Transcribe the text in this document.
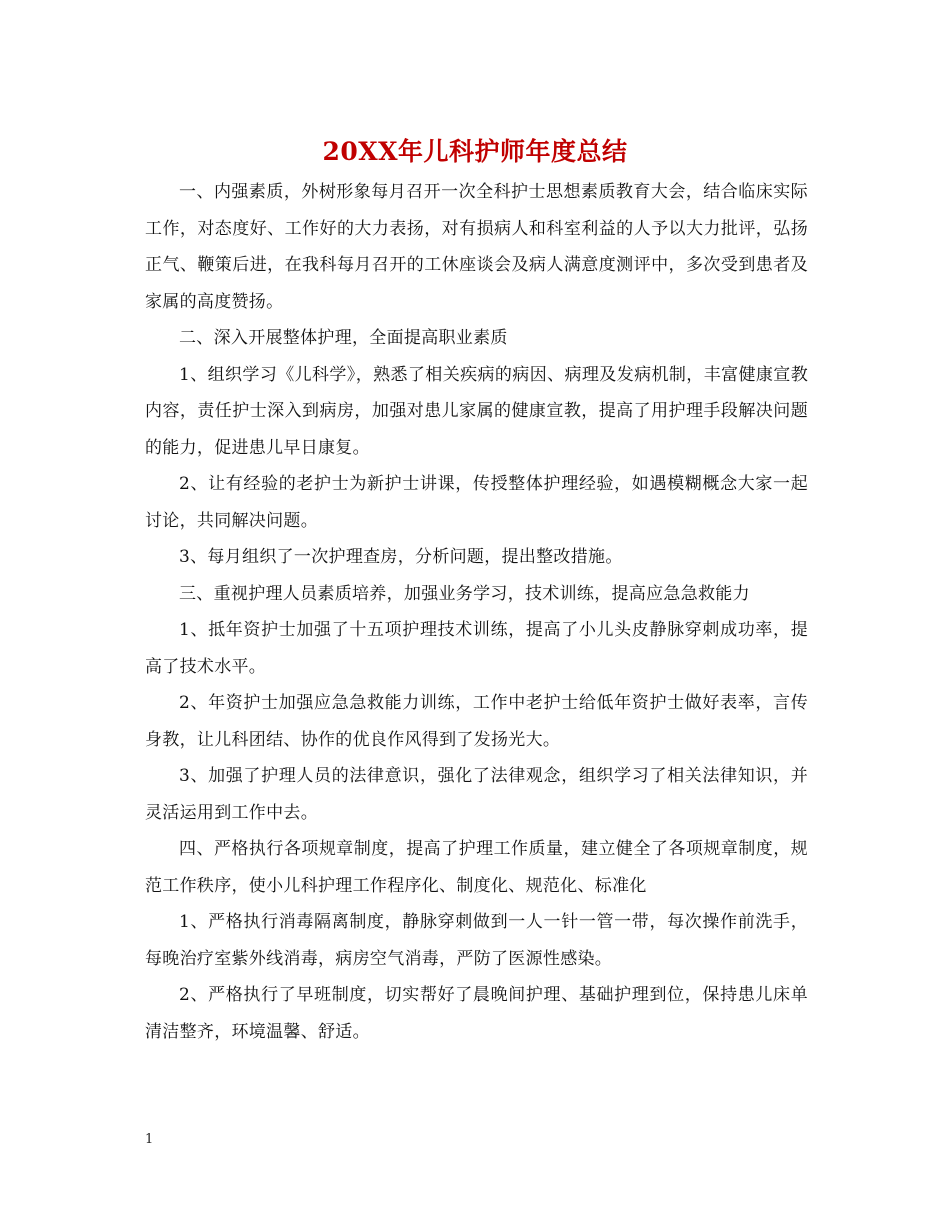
20XX年儿科护师年度总结

一、内强素质，外树形象每月召开一次全科护士思想素质教育大会，结合临床实际工作，对态度好、工作好的大力表扬，对有损病人和科室利益的人予以大力批评，弘扬正气、鞭策后进，在我科每月召开的工休座谈会及病人满意度测评中，多次受到患者及家属的高度赞扬。

二、深入开展整体护理，全面提高职业素质

1、组织学习《儿科学》，熟悉了相关疾病的病因、病理及发病机制，丰富健康宣教内容，责任护士深入到病房，加强对患儿家属的健康宣教，提高了用护理手段解决问题的能力，促进患儿早日康复。

2、让有经验的老护士为新护士讲课，传授整体护理经验，如遇模糊概念大家一起讨论，共同解决问题。

3、每月组织了一次护理查房，分析问题，提出整改措施。

三、重视护理人员素质培养，加强业务学习，技术训练，提高应急急救能力

1、抵年资护士加强了十五项护理技术训练，提高了小儿头皮静脉穿刺成功率，提高了技术水平。

2、年资护士加强应急急救能力训练，工作中老护士给低年资护士做好表率，言传身教，让儿科团结、协作的优良作风得到了发扬光大。

3、加强了护理人员的法律意识，强化了法律观念，组织学习了相关法律知识，并灵活运用到工作中去。

四、严格执行各项规章制度，提高了护理工作质量，建立健全了各项规章制度，规范工作秩序，使小儿科护理工作程序化、制度化、规范化、标准化

1、严格执行消毒隔离制度，静脉穿刺做到一人一针一管一带，每次操作前洗手，每晚治疗室紫外线消毒，病房空气消毒，严防了医源性感染。

2、严格执行了早班制度，切实帮好了晨晚间护理、基础护理到位，保持患儿床单清洁整齐，环境温馨、舒适。

1
